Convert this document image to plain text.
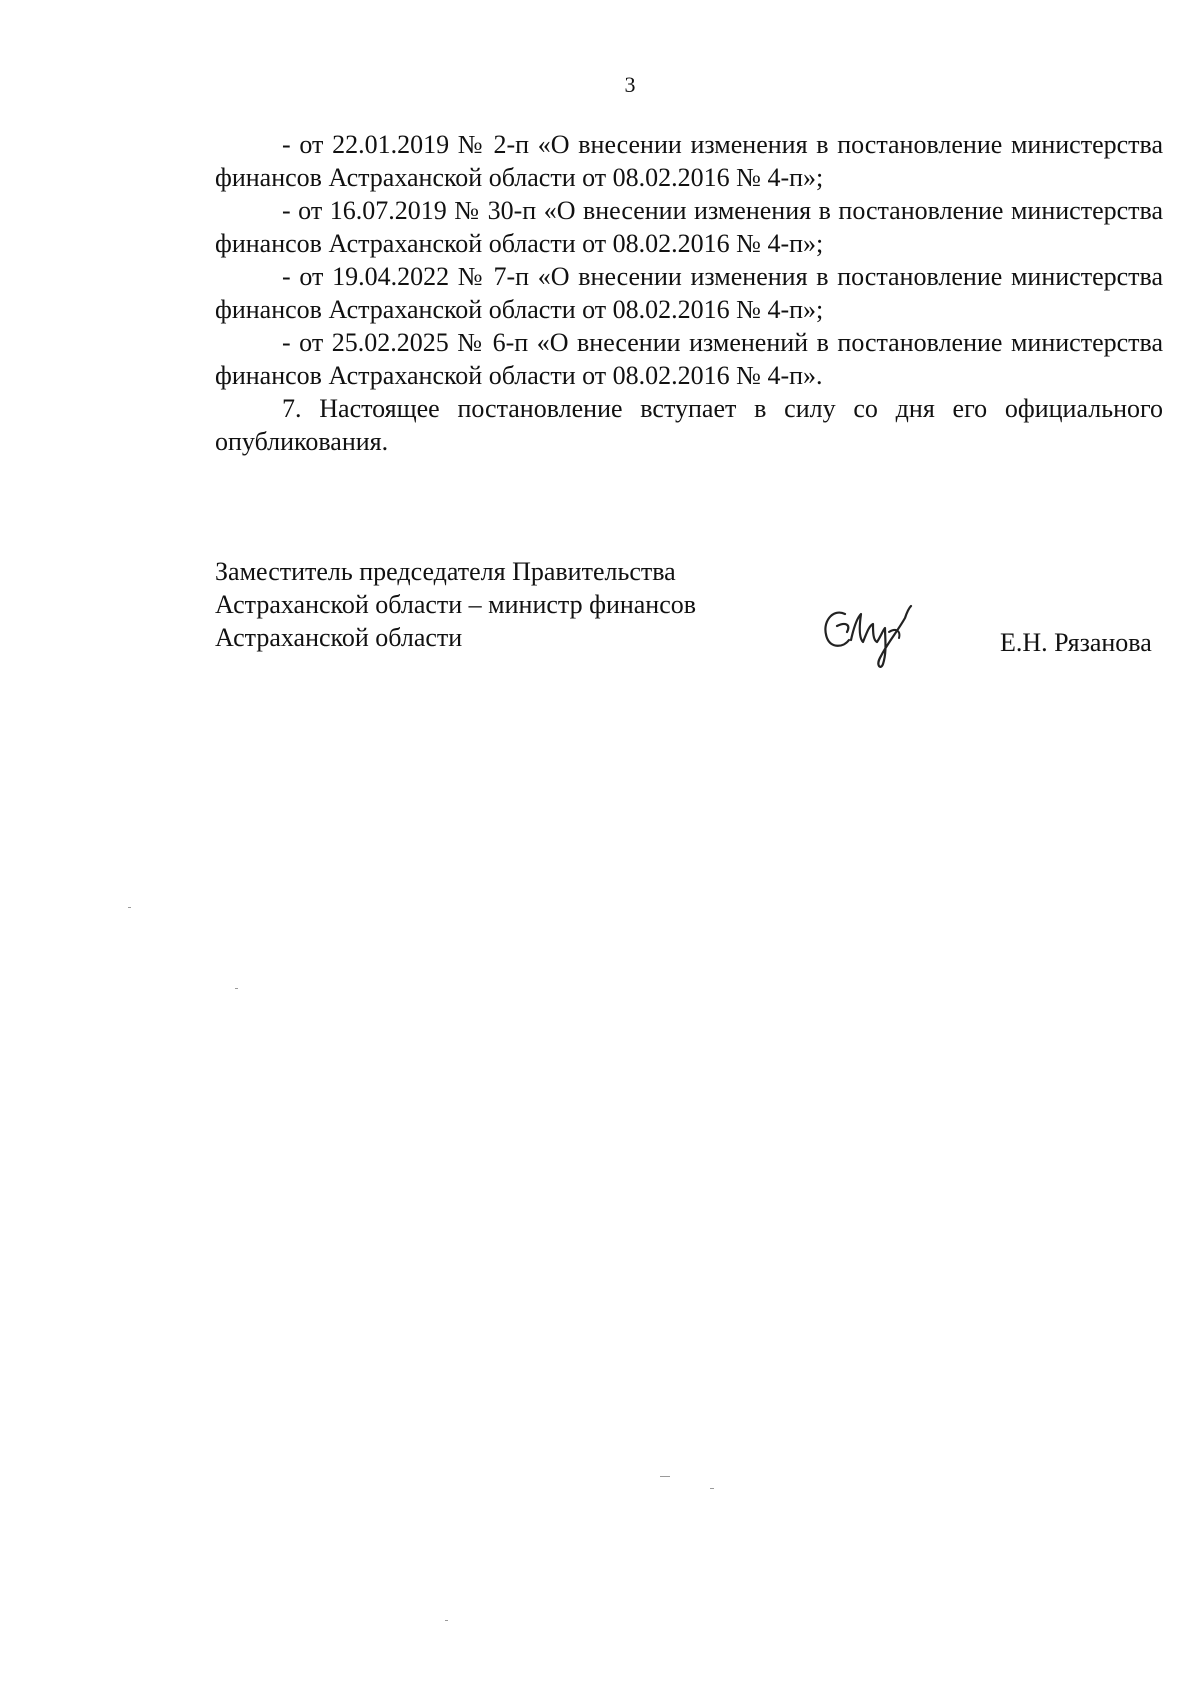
3

- от 22.01.2019 № 2-п «О внесении изменения в постановление министерства финансов Астраханской области от 08.02.2016 № 4-п»;

- от 16.07.2019 № 30-п «О внесении изменения в постановление министерства финансов Астраханской области от 08.02.2016 № 4-п»;

- от 19.04.2022 № 7-п «О внесении изменения в постановление министерства финансов Астраханской области от 08.02.2016 № 4-п»;

- от 25.02.2025 № 6-п «О внесении изменений в постановление министерства финансов Астраханской области от 08.02.2016 № 4-п».

7. Настоящее постановление вступает в силу со дня его официального опубликования.

Заместитель председателя Правительства
Астраханской области – министр финансов
Астраханской области	Е.Н. Рязанова
